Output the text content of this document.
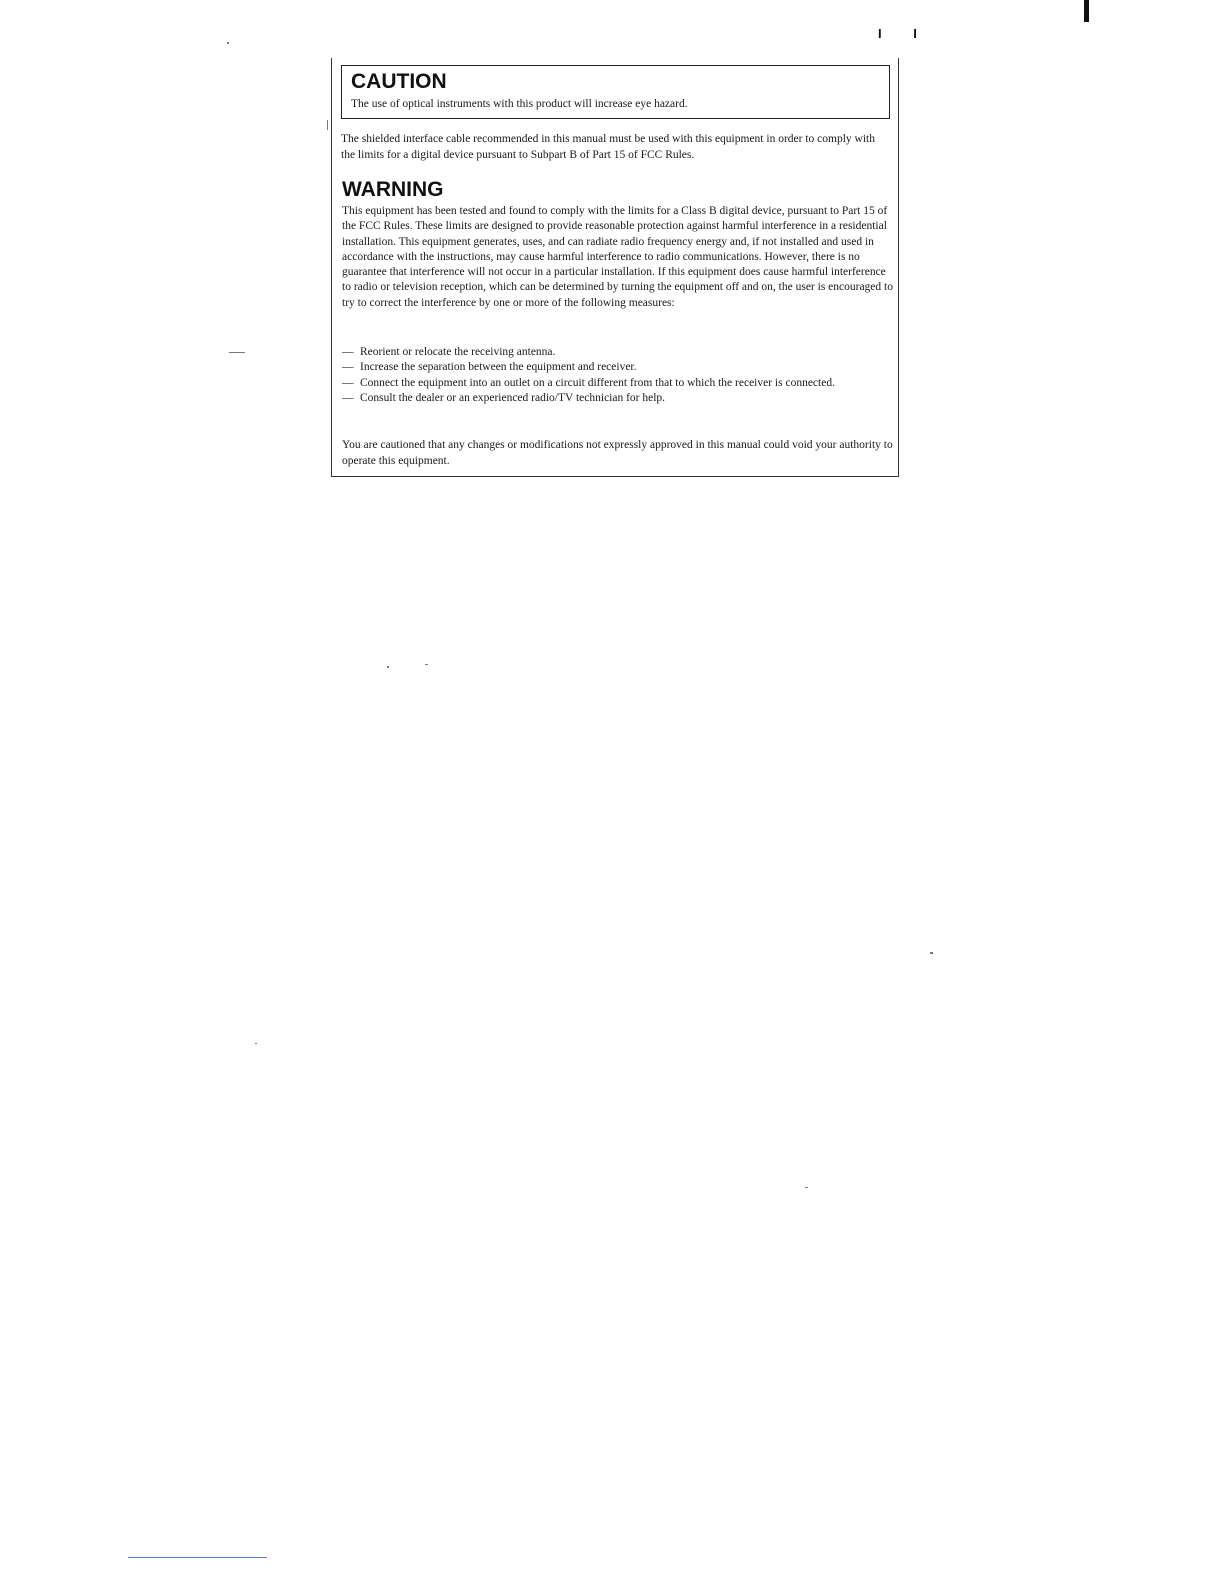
I I
CAUTION
The use of optical instruments with this product will increase eye hazard.
The shielded interface cable recommended in this manual must be used with this equipment in order to comply with the limits for a digital device pursuant to Subpart B of Part 15 of FCC Rules.
WARNING
This equipment has been tested and found to comply with the limits for a Class B digital device, pursuant to Part 15 of the FCC Rules. These limits are designed to provide reasonable protection against harmful interference in a residential installation. This equipment generates, uses, and can radiate radio frequency energy and, if not installed and used in accordance with the instructions, may cause harmful interference to radio communications. However, there is no guarantee that interference will not occur in a particular installation. If this equipment does cause harmful interference to radio or television reception, which can be determined by turning the equipment off and on, the user is encouraged to try to correct the interference by one or more of the following measures:
— Reorient or relocate the receiving antenna.
— Increase the separation between the equipment and receiver.
— Connect the equipment into an outlet on a circuit different from that to which the receiver is connected.
— Consult the dealer or an experienced radio/TV technician for help.
You are cautioned that any changes or modifications not expressly approved in this manual could void your authority to operate this equipment.
